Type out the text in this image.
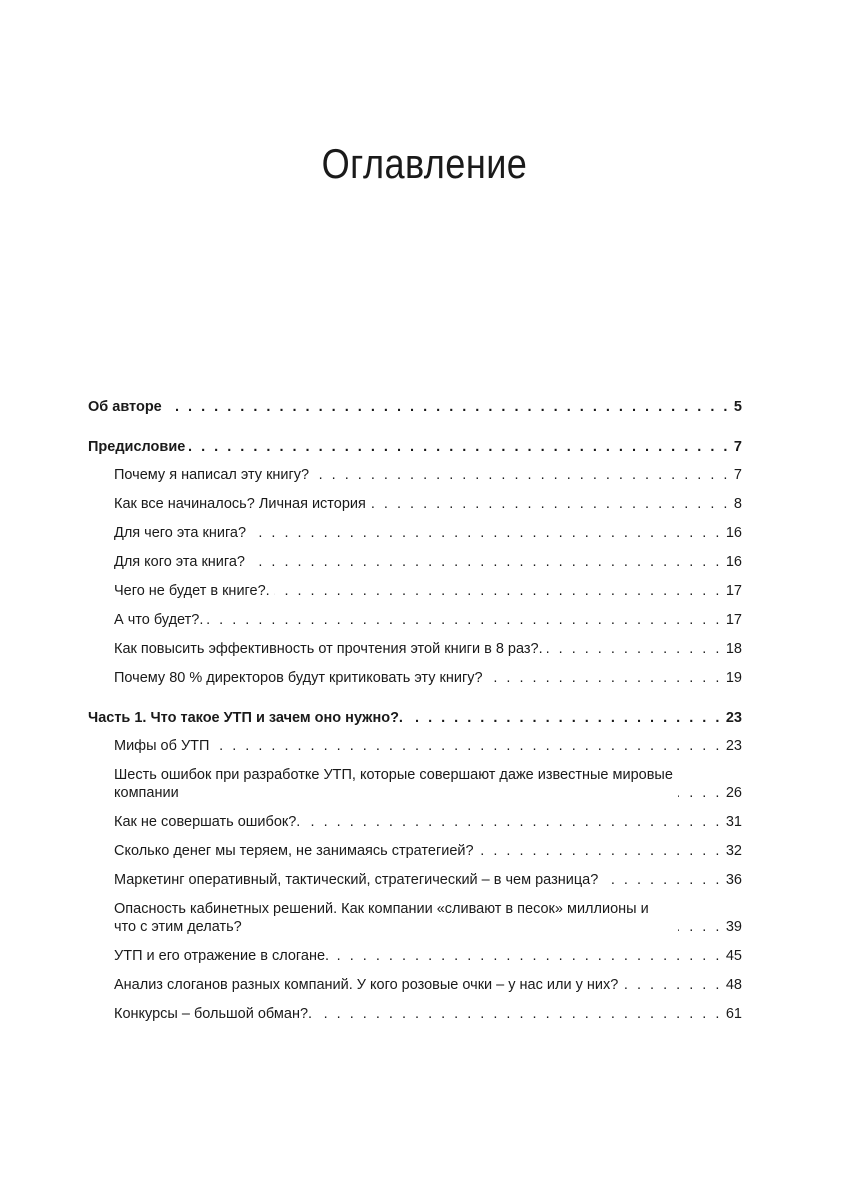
Оглавление
Об авторе . . .	5
Предисловие . . .	7
Почему я написал эту книгу? . . .	7
Как все начиналось? Личная история . . .	8
Для чего эта книга? . . .	16
Для кого эта книга? . . .	16
Чего не будет в книге?. . . .	17
А что будет?. . . .	17
Как повысить эффективность от прочтения этой книги в 8 раз?. . . .	18
Почему 80 % директоров будут критиковать эту книгу? . . .	19
Часть 1. Что такое УТП и зачем оно нужно?. . . .	23
Мифы об УТП . . .	23
Шесть ошибок при разработке УТП, которые совершают даже известные мировые компании . . .	26
Как не совершать ошибок?. . . .	31
Сколько денег мы теряем, не занимаясь стратегией? . . .	32
Маркетинг оперативный, тактический, стратегический – в чем разница? . . .	36
Опасность кабинетных решений. Как компании «сливают в песок» миллионы и что с этим делать? . . .	39
УТП и его отражение в слогане. . . .	45
Анализ слоганов разных компаний. У кого розовые очки – у нас или у них? . . .	48
Конкурсы – большой обман?. . . .	61
